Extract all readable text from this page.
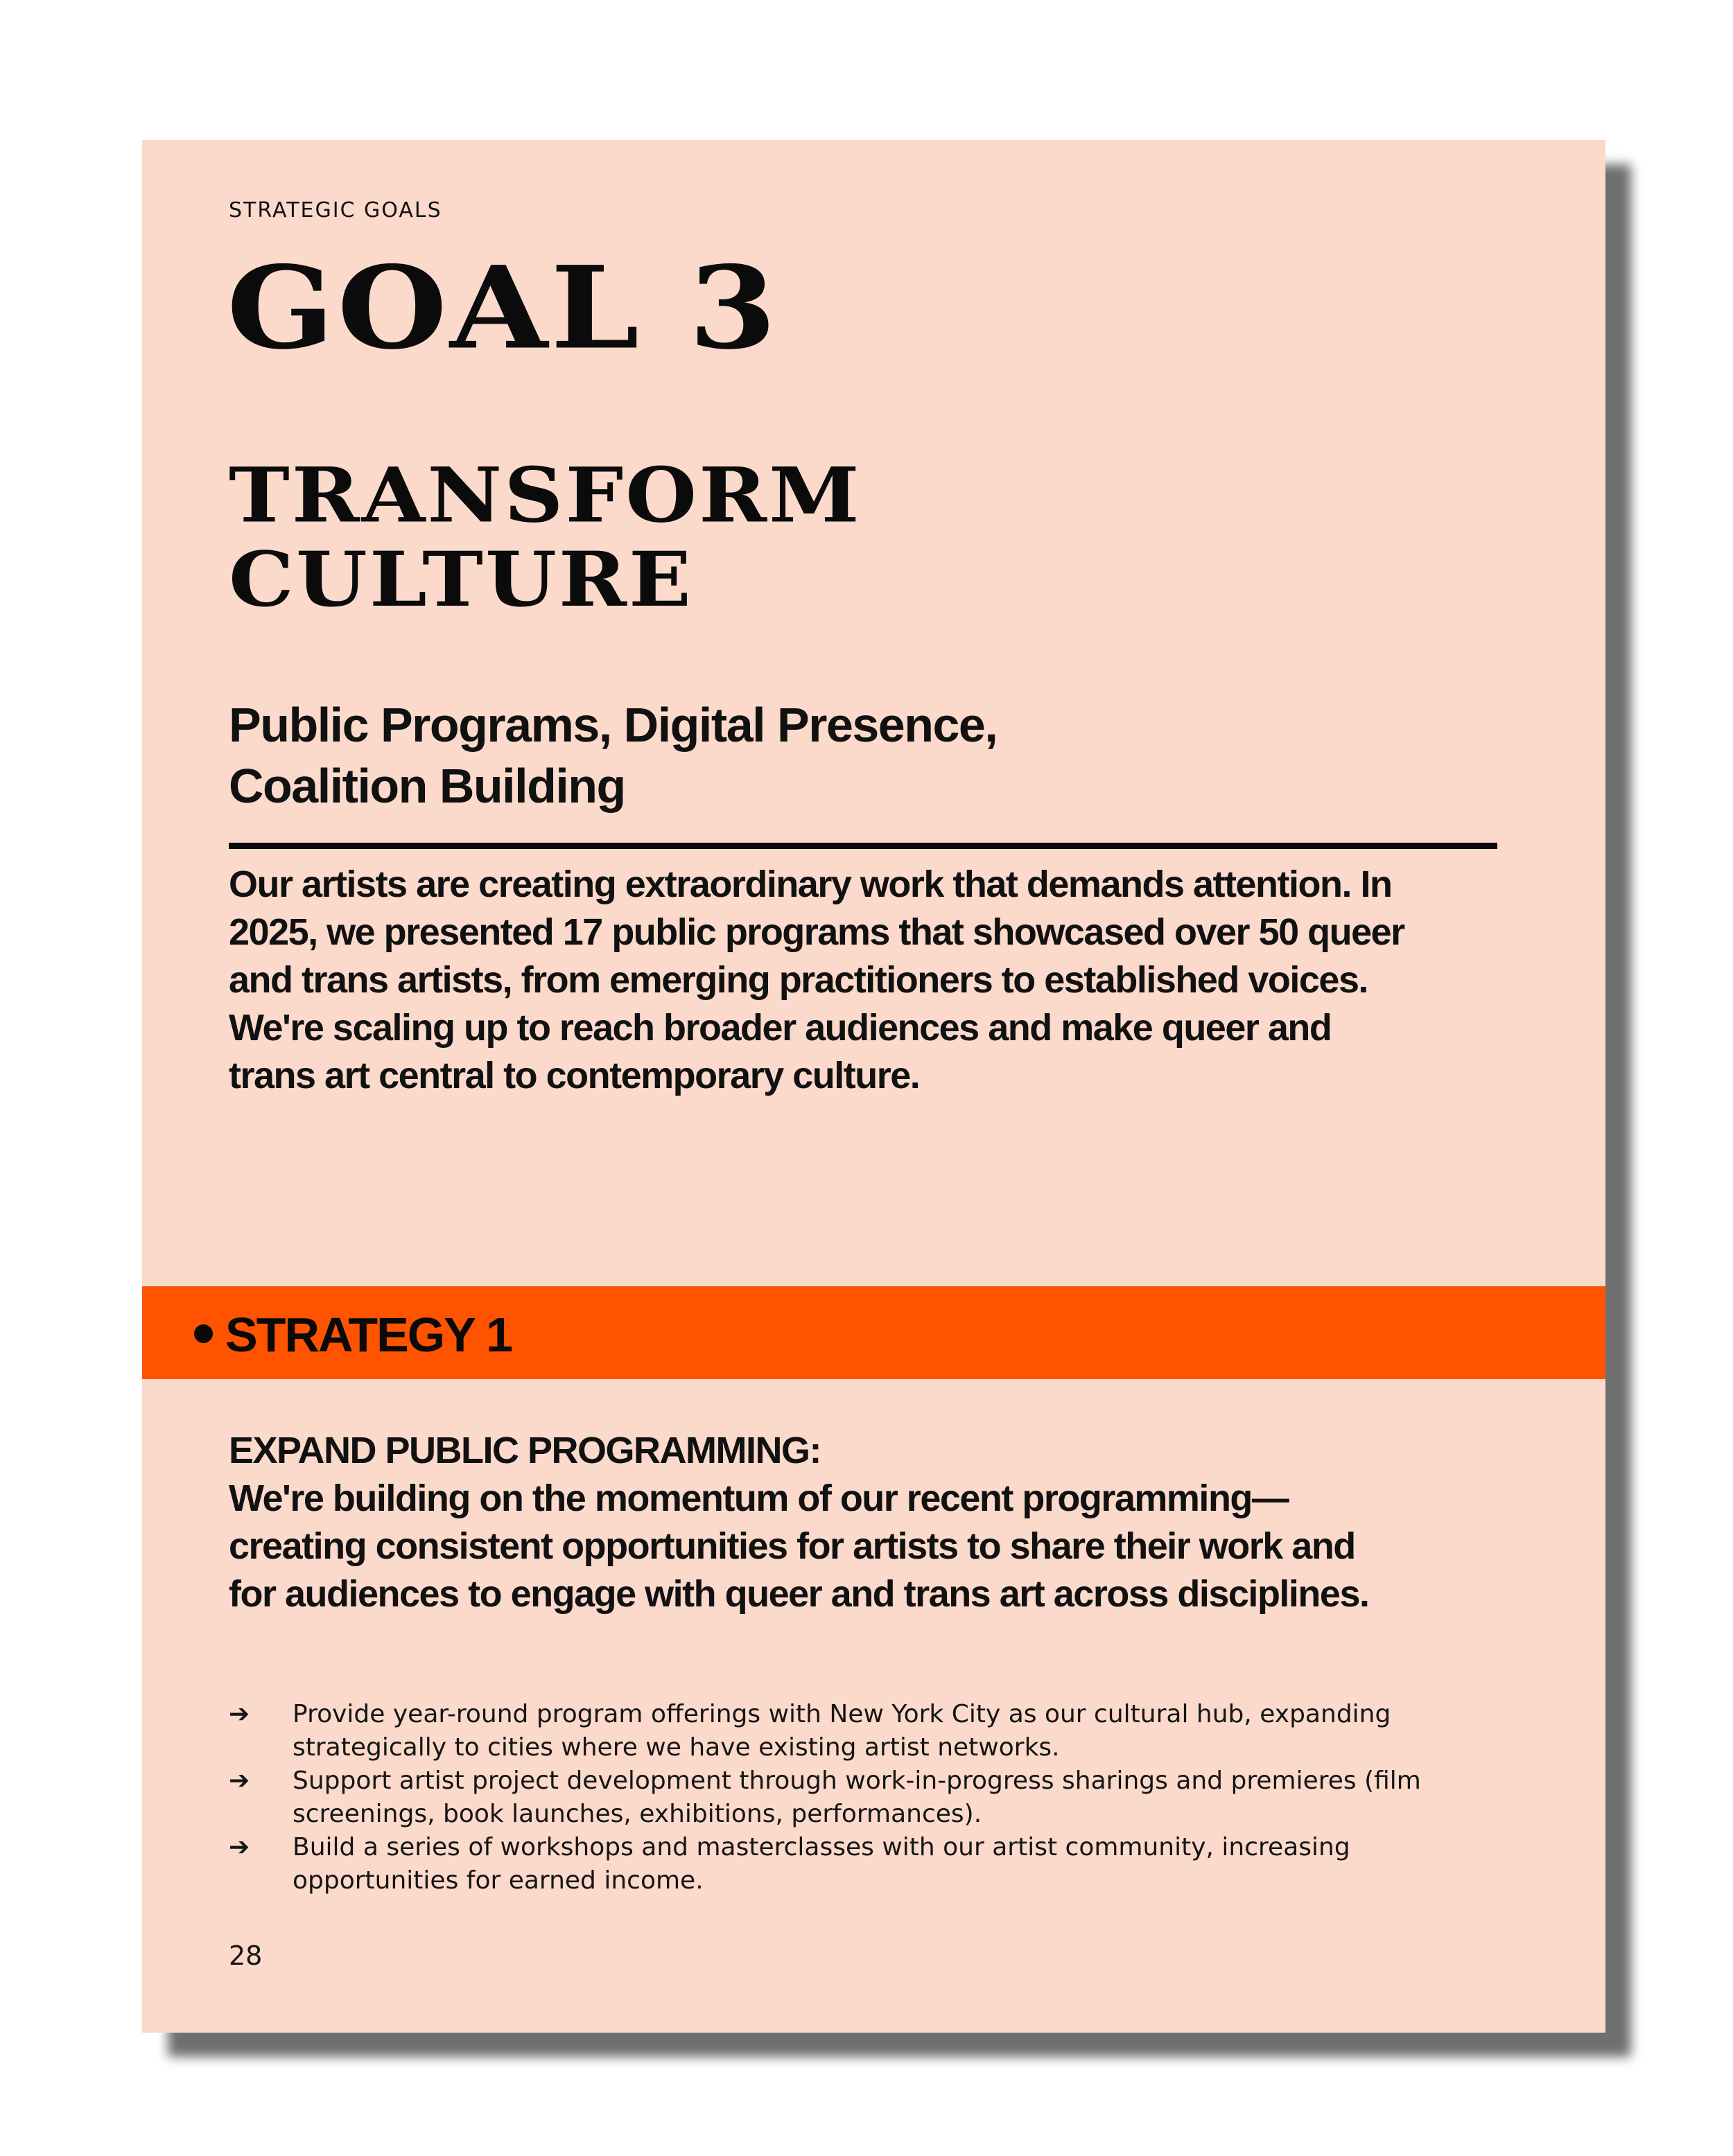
STRATEGIC GOALS
GOAL 3
TRANSFORM
CULTURE
Public Programs, Digital Presence,
Coalition Building
Our artists are creating extraordinary work that demands attention. In 2025, we presented 17 public programs that showcased over 50 queer and trans artists, from emerging practitioners to established voices. We're scaling up to reach broader audiences and make queer and trans art central to contemporary culture.
STRATEGY 1
EXPAND PUBLIC PROGRAMMING:
We're building on the momentum of our recent programming—creating consistent opportunities for artists to share their work and for audiences to engage with queer and trans art across disciplines.
➔ Provide year-round program offerings with New York City as our cultural hub, expanding strategically to cities where we have existing artist networks.
➔ Support artist project development through work-in-progress sharings and premieres (film screenings, book launches, exhibitions, performances).
➔ Build a series of workshops and masterclasses with our artist community, increasing opportunities for earned income.
28
